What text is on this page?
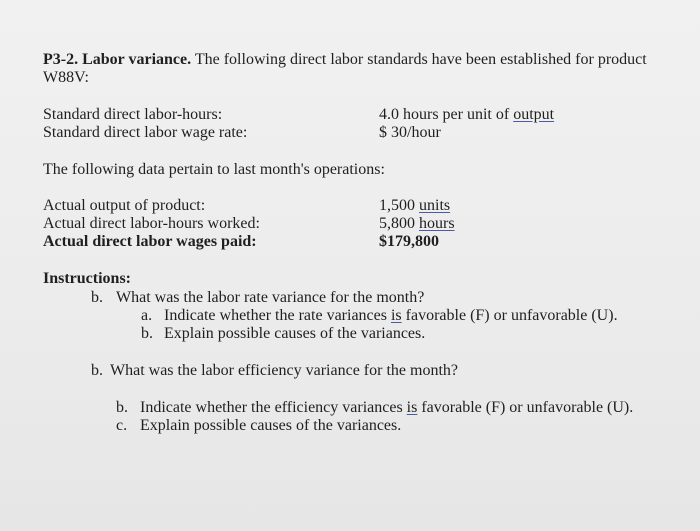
P3-2. Labor variance. The following direct labor standards have been established for product
W88V:
Standard direct labor-hours:	4.0 hours per unit of output
Standard direct labor wage rate:	$ 30/hour
The following data pertain to last month's operations:
Actual output of product:	1,500 units
Actual direct labor-hours worked:	5,800 hours
Actual direct labor wages paid:	$179,800
Instructions:
b. What was the labor rate variance for the month?
a. Indicate whether the rate variances is favorable (F) or unfavorable (U).
b. Explain possible causes of the variances.
b. What was the labor efficiency variance for the month?
b. Indicate whether the efficiency variances is favorable (F) or unfavorable (U).
c. Explain possible causes of the variances.
